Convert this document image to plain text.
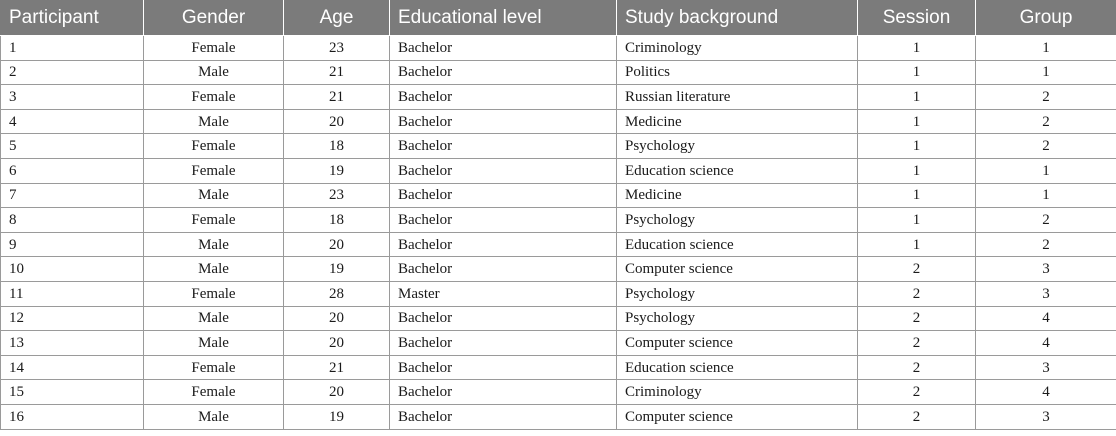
Participant	Gender	Age	Educational level	Study background	Session	Group
1	Female	23	Bachelor	Criminology	1	1
2	Male	21	Bachelor	Politics	1	1
3	Female	21	Bachelor	Russian literature	1	2
4	Male	20	Bachelor	Medicine	1	2
5	Female	18	Bachelor	Psychology	1	2
6	Female	19	Bachelor	Education science	1	1
7	Male	23	Bachelor	Medicine	1	1
8	Female	18	Bachelor	Psychology	1	2
9	Male	20	Bachelor	Education science	1	2
10	Male	19	Bachelor	Computer science	2	3
11	Female	28	Master	Psychology	2	3
12	Male	20	Bachelor	Psychology	2	4
13	Male	20	Bachelor	Computer science	2	4
14	Female	21	Bachelor	Education science	2	3
15	Female	20	Bachelor	Criminology	2	4
16	Male	19	Bachelor	Computer science	2	3
